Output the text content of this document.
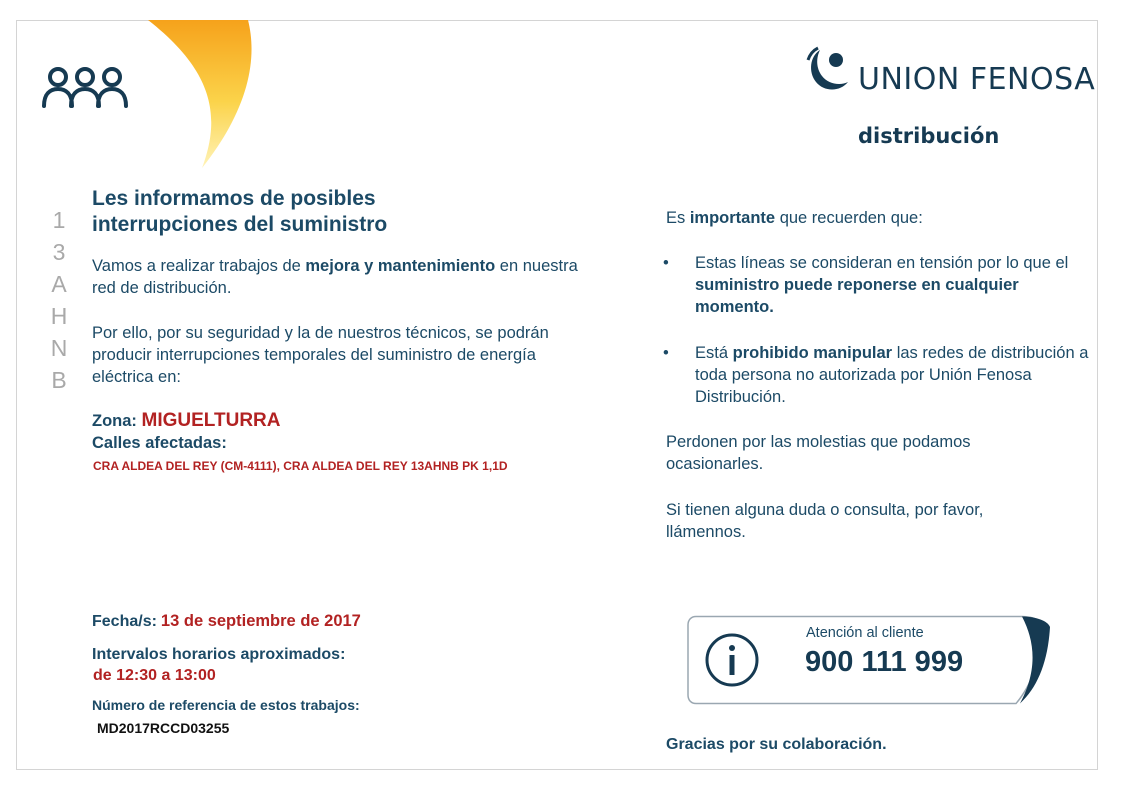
UNION FENOSA
distribución
1
3
A
H
N
B
Les informamos de posibles
interrupciones del suministro
Vamos a realizar trabajos de mejora y mantenimiento en nuestra red de distribución.
Por ello, por su seguridad y la de nuestros técnicos, se podrán producir interrupciones temporales del suministro de energía eléctrica en:
Zona: MIGUELTURRA
Calles afectadas:
CRA ALDEA DEL REY (CM-4111), CRA ALDEA DEL REY 13AHNB PK 1,1D
Fecha/s: 13 de septiembre de 2017
Intervalos horarios aproximados:
de 12:30 a 13:00
Número de referencia de estos trabajos:
MD2017RCCD03255
Es importante que recuerden que:
• Estas líneas se consideran en tensión por lo que el suministro puede reponerse en cualquier momento.
• Está prohibido manipular las redes de distribución a toda persona no autorizada por Unión Fenosa Distribución.
Perdonen por las molestias que podamos ocasionarles.
Si tienen alguna duda o consulta, por favor, llámennos.
Atención al cliente
900 111 999
Gracias por su colaboración.
